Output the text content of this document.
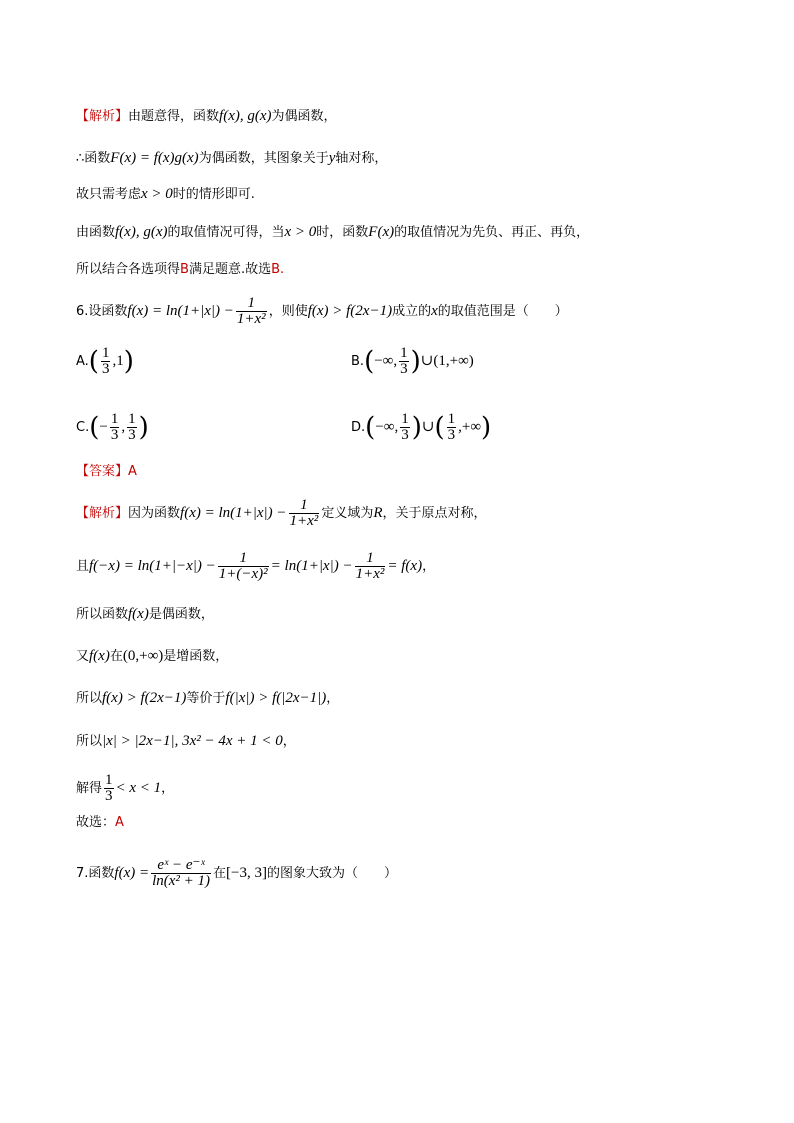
【解析】由题意得，函数f(x), g(x)为偶函数，
∴函数F(x) = f(x)g(x)为偶函数，其图象关于y轴对称，
故只需考虑x > 0时的情形即可.
由函数f(x), g(x)的取值情况可得，当x > 0时，函数F(x)的取值情况为先负、再正、再负，
所以结合各选项得B满足题意.故选B.
6.设函数$f(x) = \ln(1+|x|) - \frac{1}{\text{1+x²}}$ ，则使f(x) > f(2x−1)成立的x的取值范围是（　　）
$A.( \frac{1}{3} ,1)$	B.(−∞, $\frac{1}{3}$ )∪(1,+∞)
$C.(- \frac{1}{3}$ , $\frac{1}{3}$ )	D.(−∞, $\frac{1}{3}$ )∪( $\frac{1}{3}$ ,+∞)
【答案】A
【解析】因为函数$f(x) = \ln(1+|x|) - \frac{1}{\text{1+x²}}$ 定义域为R，关于原点对称，
且$f(-x) = \ln(1+|-x|) - \frac{1}{\text{1+(−x)²}} = \ln(1+|x|) - \frac{1}{\text{1+x²}} = f(x)$，
所以函数f(x)是偶函数，
又f(x)在(0,+∞)是增函数，
所以f(x) > f(2x−1)等价于f(|x|) > f(|2x−1|)，
所以|x| > |2x−1|, 3x² − 4x + 1 < 0，
解得 $\frac{1}{3} < x < 1$，
故选：A
7.函数$f(x) = \frac{\text{eˣ − e⁻ˣ}}{\text{ln(x² + 1)}}$ 在[−3, 3]的图象大致为（　　）
